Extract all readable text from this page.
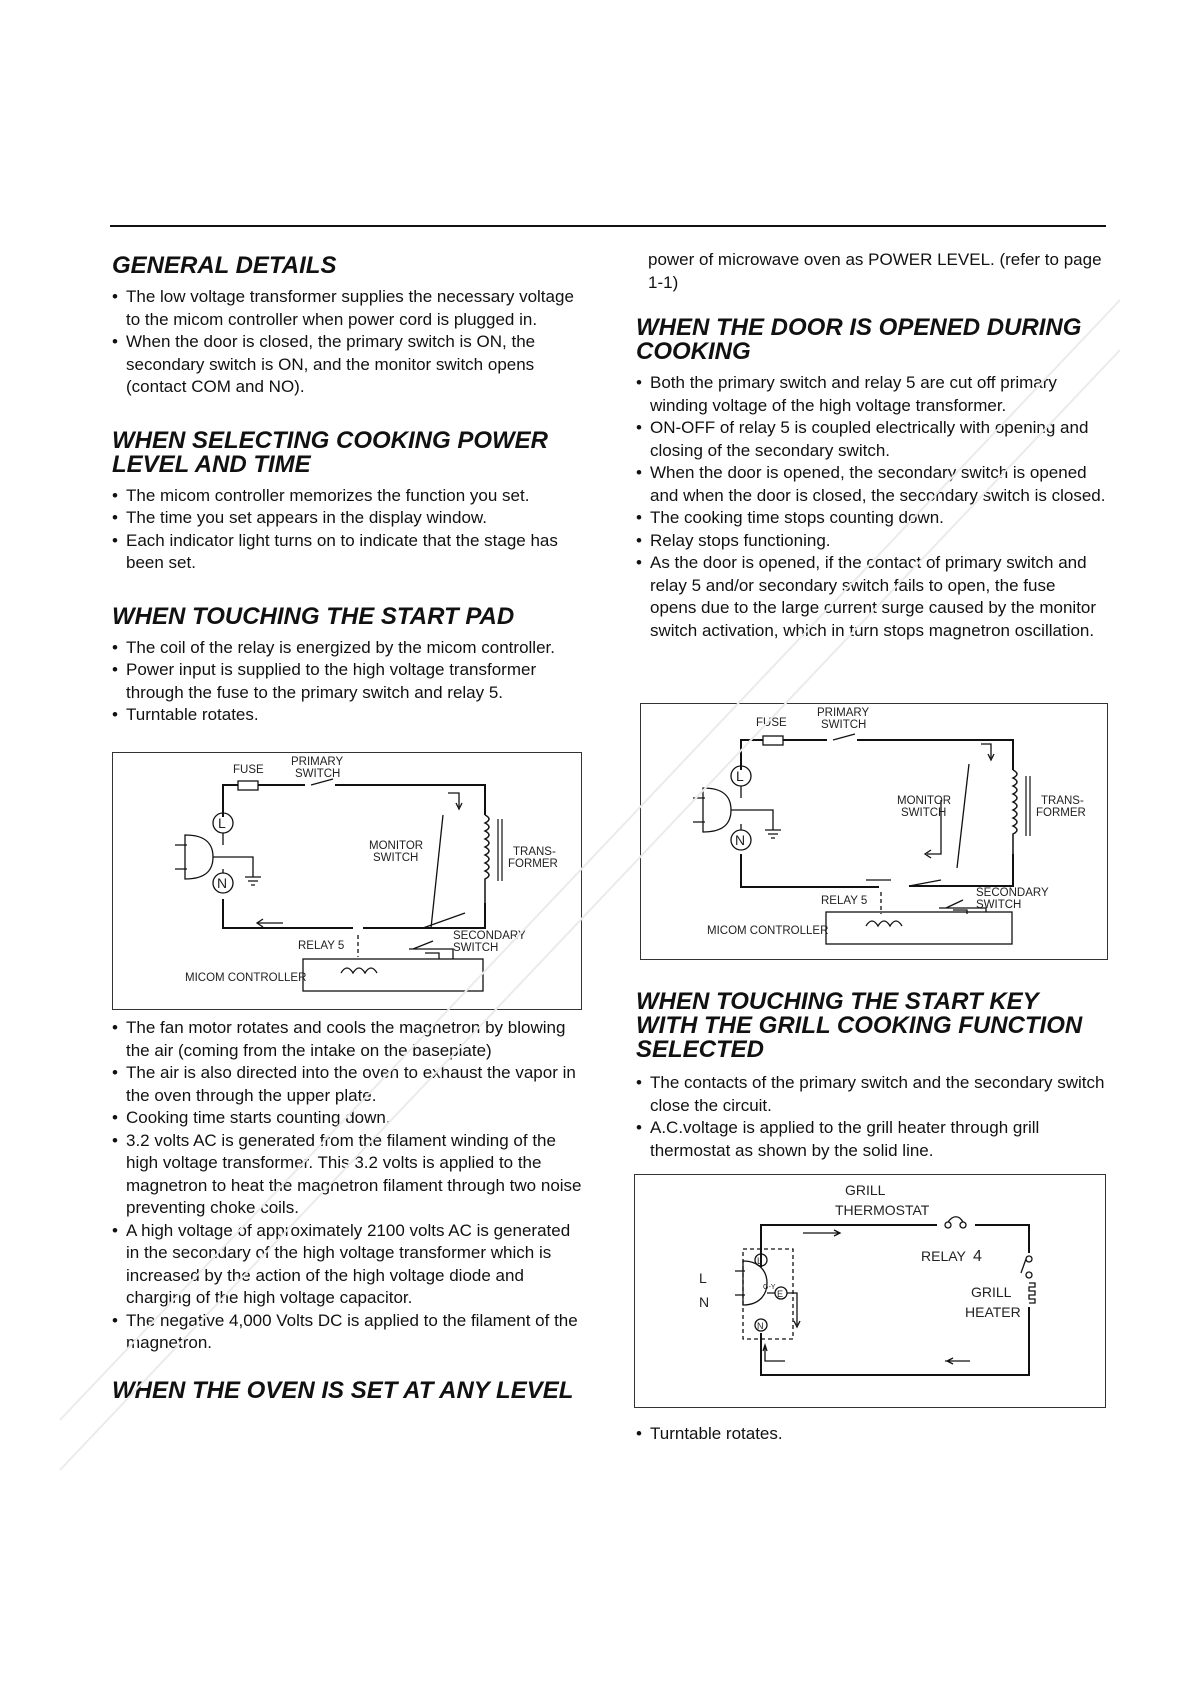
GENERAL DETAILS
• The low voltage transformer supplies the necessary voltage to the micom controller when power cord is plugged in.
• When the door is closed, the primary switch is ON, the secondary switch is ON, and the monitor switch opens (contact COM and NO).
WHEN SELECTING COOKING POWER LEVEL AND TIME
• The micom controller memorizes the function you set.
• The time you set appears in the display window.
• Each indicator light turns on to indicate that the stage has been set.
WHEN TOUCHING THE START PAD
• The coil of the relay is energized by the micom controller.
• Power input is supplied to the high voltage transformer through the fuse to the primary switch and relay 5.
• Turntable rotates.
FUSE
PRIMARY
SWITCH
MONITOR
SWITCH	TRANS-
FORMER
RELAY 5
SECONDARY
SWITCH
MICOM CONTROLLER
L
N
• The fan motor rotates and cools the magnetron by blowing the air (coming from the intake on the baseplate)
• The air is also directed into the oven to exhaust the vapor in the oven through the upper plate.
• Cooking time starts counting down.
• 3.2 volts AC is generated from the filament winding of the high voltage transformer. This 3.2 volts is applied to the magnetron to heat the magnetron filament through two noise preventing choke coils.
• A high voltage of approximately 2100 volts AC is generated in the secondary of the high voltage transformer which is increased by the action of the high voltage diode and charging of the high voltage capacitor.
• The negative 4,000 Volts DC is applied to the filament of the magnetron.
WHEN THE OVEN IS SET AT ANY LEVEL
power of microwave oven as POWER LEVEL. (refer to page 1-1)
WHEN THE DOOR IS OPENED DURING COOKING
• Both the primary switch and relay 5 are cut off primary winding voltage of the high voltage transformer.
• ON-OFF of relay 5 is coupled electrically with opening and closing of the secondary switch.
• When the door is opened, the secondary switch is opened and when the door is closed, the secondary switch is closed.
• The cooking time stops counting down.
• Relay stops functioning.
• As the door is opened, if the contact of primary switch and relay 5 and/or secondary switch fails to open, the fuse opens due to the large current surge caused by the monitor switch activation, which in turn stops magnetron oscillation.
FUSE
PRIMARY
SWITCH
MONITOR
SWITCH
TRANS-
FORMER
RELAY 5
SECONDARY
SWITCH
MICOM CONTROLLER
L
N
WHEN TOUCHING THE START KEY WITH THE GRILL COOKING FUNCTION SELECTED
• The contacts of the primary switch and the secondary switch close the circuit.
• A.C.voltage is applied to the grill heater through grill thermostat as shown by the solid line.
GRILL
THERMOSTAT
RELAY 4
GRILL
HEATER
L
N
L
N
E
G-Y
• Turntable rotates.
